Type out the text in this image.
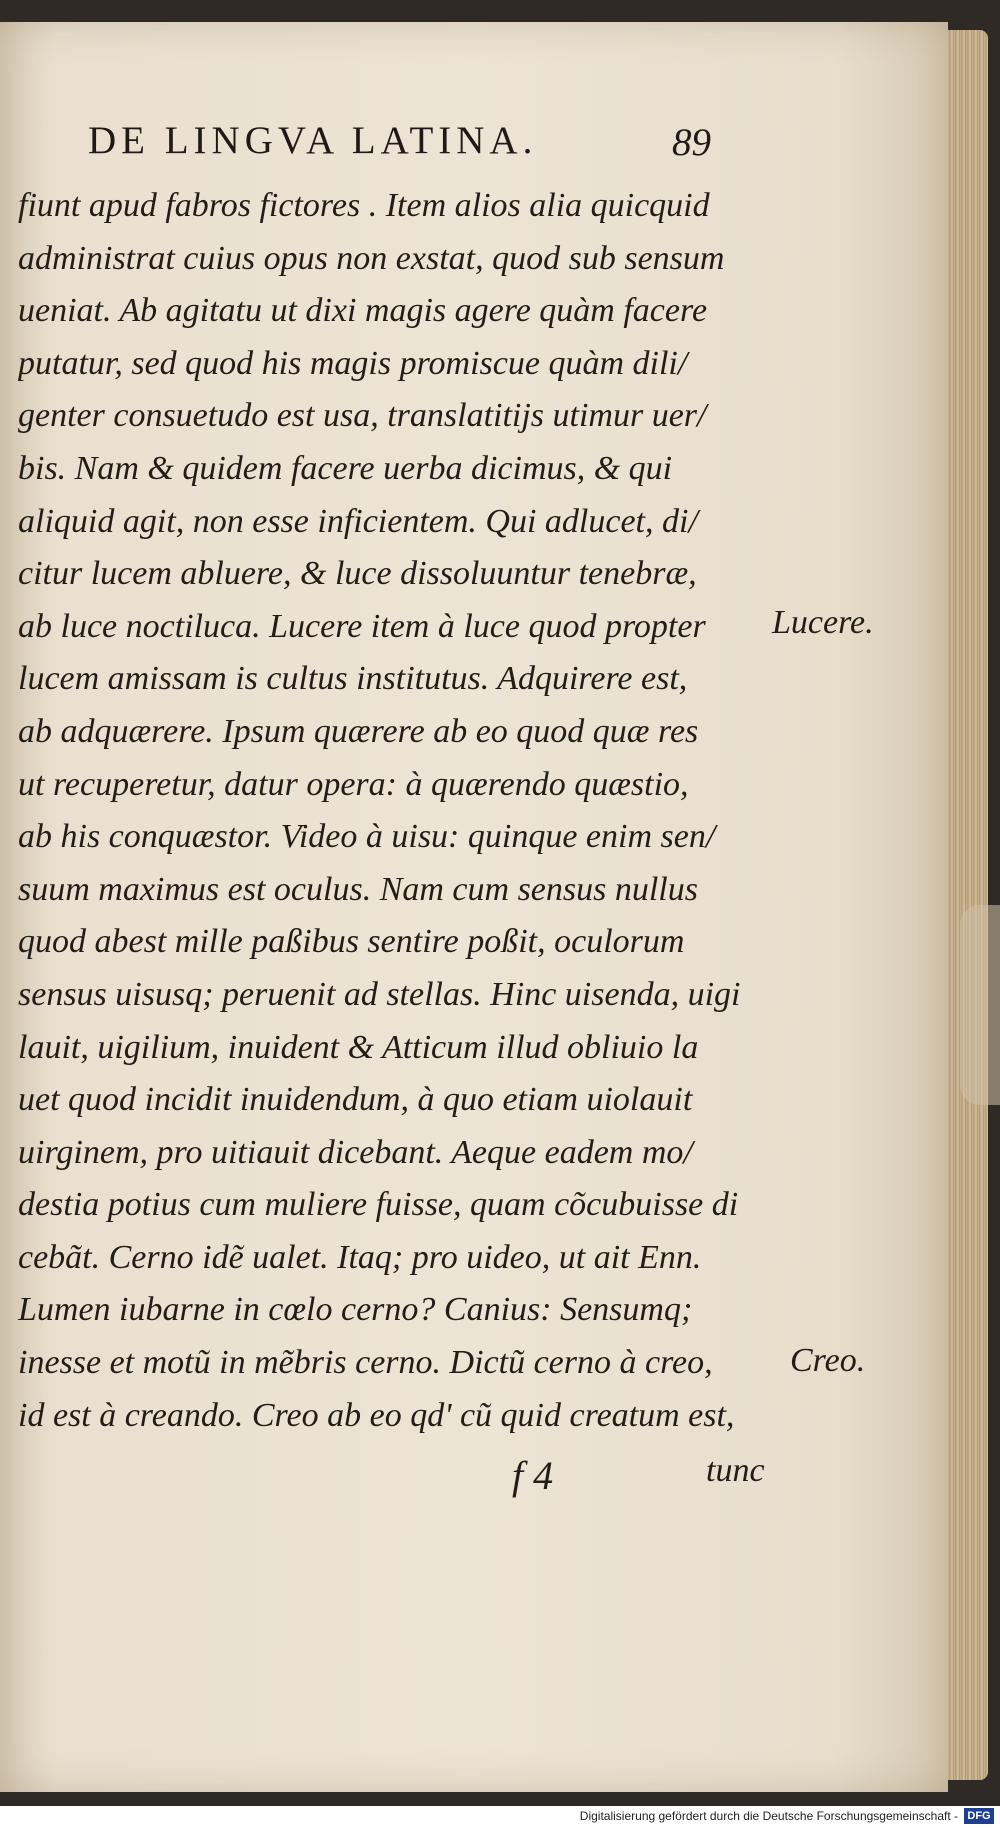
DE LINGVA LATINA.	89
fiunt apud fabros fictores . Item alios alia quicquid
administrat cuius opus non exstat, quod sub sensum
ueniat. Ab agitatu ut dixi magis agere quàm facere
putatur, sed quod his magis promiscue quàm dili/
genter consuetudo est usa, translatitijs utimur uer/
bis. Nam & quidem facere uerba dicimus, & qui
aliquid agit, non esse inficientem. Qui adlucet, di/
citur lucem abluere, & luce dissoluuntur tenebræ,
ab luce noctiluca. Lucere item à luce quod propter
lucem amissam is cultus institutus. Adquirere est,
ab adquærere. Ipsum quærere ab eo quod quæ res
ut recuperetur, datur opera: à quærendo quæstio,
ab his conquæstor. Video à uisu: quinque enim sen/
suum maximus est oculus. Nam cum sensus nullus
quod abest mille paßibus sentire poßit, oculorum
sensus uisusq; peruenit ad stellas. Hinc uisenda, uigi
lauit, uigilium, inuident & Atticum illud obliuio la
uet quod incidit inuidendum, à quo etiam uiolauit
uirginem, pro uitiauit dicebant. Aeque eadem mo/
destia potius cum muliere fuisse, quam cõcubuisse di
cebãt. Cerno idẽ ualet. Itaq; pro uideo, ut ait Enn.
Lumen iubarne in cœlo cerno? Canius: Sensumq;
inesse et motũ in mẽbris cerno. Dictũ cerno à creo,
id est à creando. Creo ab eo qd' cũ quid creatum est,
Lucere.
Creo.
f 4	tunc
Digitalisierung gefördert durch die Deutsche Forschungsgemeinschaft - DFG
